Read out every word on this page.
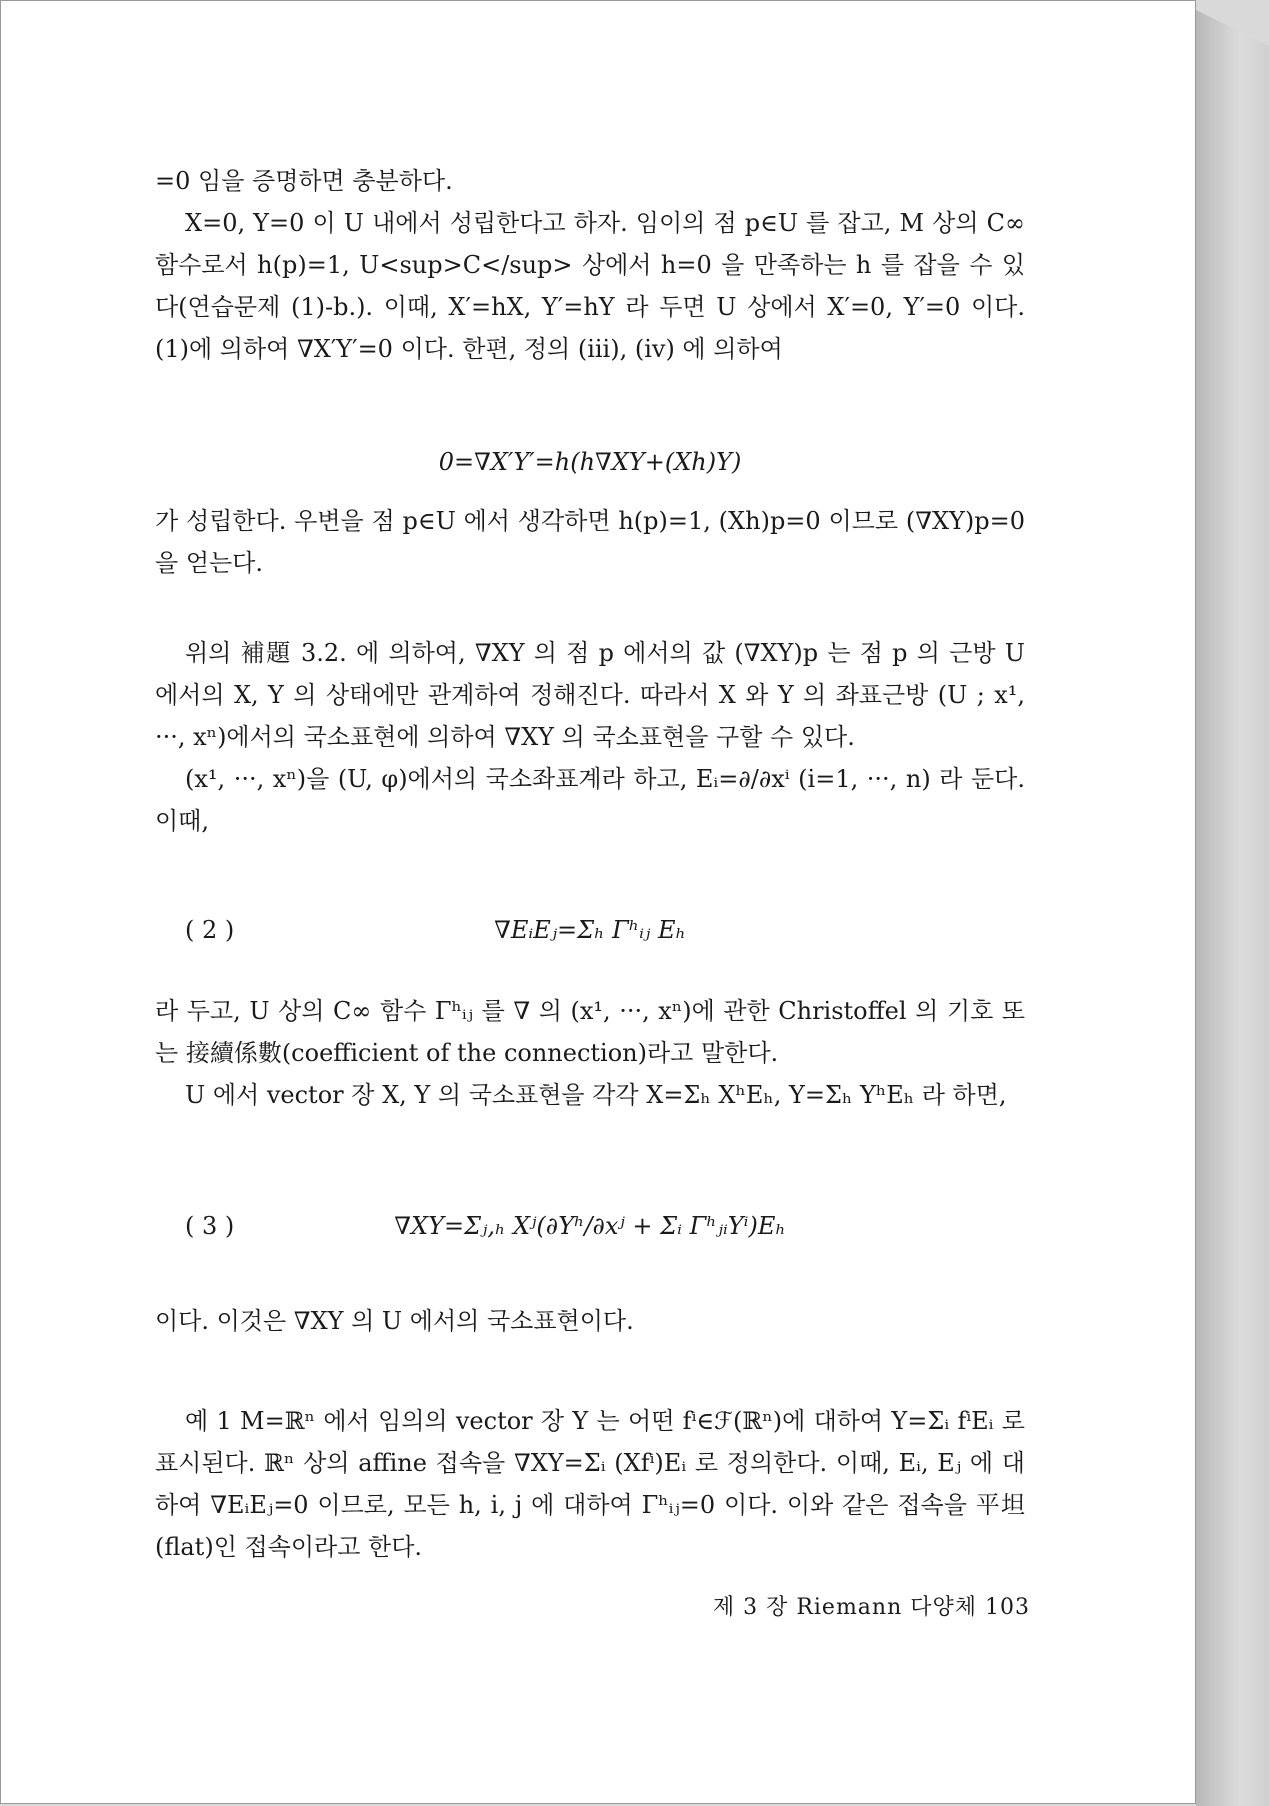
=0 임을 증명하면 충분하다.

X=0, Y=0 이 U 내에서 성립한다고 하자. 임이의 점 p∈U 를 잡고, M 상의 C∞ 함수로서 h(p)=1, U<sup>C</sup> 상에서 h=0 을 만족하는 h 를 잡을 수 있다(연습문제 (1)-b.). 이때, X′=hX, Y′=hY 라 두면 U 상에서 X′=0, Y′=0 이다. (1)에 의하여 ∇X′Y′=0 이다. 한편, 정의 (iii), (iv) 에 의하여

0=∇X′Y′=h(h∇XY+(Xh)Y)

가 성립한다. 우변을 점 p∈U 에서 생각하면 h(p)=1, (Xh)p=0 이므로 (∇XY)p=0 을 얻는다.

위의 補題 3.2. 에 의하여, ∇XY 의 점 p 에서의 값 (∇XY)p 는 점 p 의 근방 U 에서의 X, Y 의 상태에만 관계하여 정해진다. 따라서 X 와 Y 의 좌표근방 (U ; x¹, ···, xⁿ)에서의 국소표현에 의하여 ∇XY 의 국소표현을 구할 수 있다.

(x¹, ···, xⁿ)을 (U, φ)에서의 국소좌표계라 하고, Eᵢ=∂/∂xⁱ (i=1, ···, n) 라 둔다. 이때,

( 2 )	∇EᵢEⱼ=Σₕ Γʰᵢⱼ Eₕ

라 두고, U 상의 C∞ 함수 Γʰᵢⱼ 를 ∇ 의 (x¹, ···, xⁿ)에 관한 Christoffel 의 기호 또는 接續係數(coefficient of the connection)라고 말한다.

U 에서 vector 장 X, Y 의 국소표현을 각각 X=Σₕ XʰEₕ, Y=Σₕ YʰEₕ 라 하면,

( 3 )	∇XY=Σⱼ,ₕ Xʲ(∂Yʰ/∂xʲ + Σᵢ ΓʰⱼᵢYⁱ)Eₕ

이다. 이것은 ∇XY 의 U 에서의 국소표현이다.

예 1 M=ℝⁿ 에서 임의의 vector 장 Y 는 어떤 fⁱ∈ℱ(ℝⁿ)에 대하여 Y=Σᵢ fⁱEᵢ 로 표시된다. ℝⁿ 상의 affine 접속을 ∇XY=Σᵢ (Xfⁱ)Eᵢ 로 정의한다. 이때, Eᵢ, Eⱼ 에 대하여 ∇EᵢEⱼ=0 이므로, 모든 h, i, j 에 대하여 Γʰᵢⱼ=0 이다. 이와 같은 접속을 平坦(flat)인 접속이라고 한다.

제 3 장 Riemann 다양체 103
